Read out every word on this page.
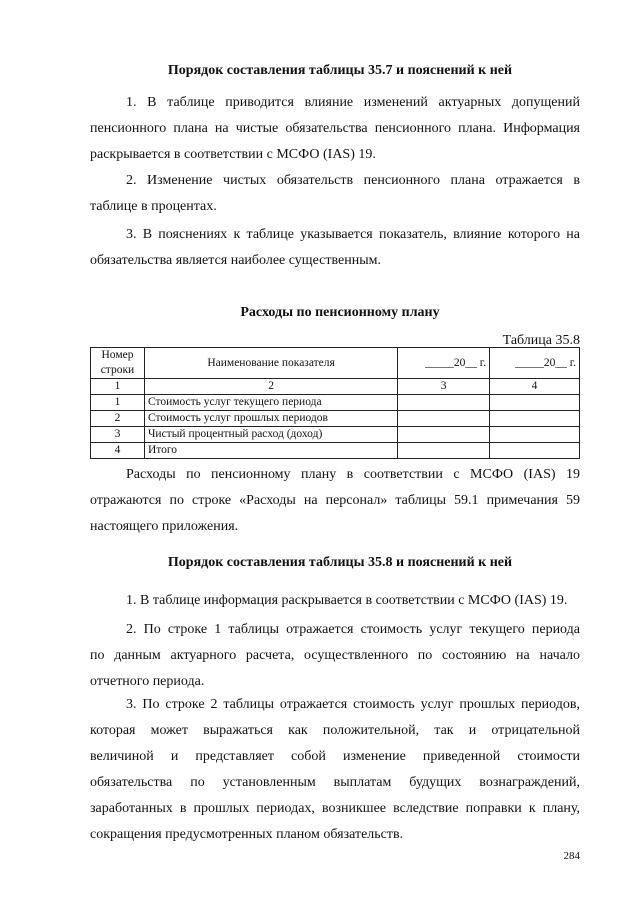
Порядок составления таблицы 35.7 и пояснений к ней
1. В таблице приводится влияние изменений актуарных допущений
пенсионного плана на чистые обязательства пенсионного плана. Информация
раскрывается в соответствии с МСФО (IAS) 19.
2. Изменение чистых обязательств пенсионного плана отражается в
таблице в процентах.
3. В пояснениях к таблице указывается показатель, влияние которого на
обязательства является наиболее существенным.
Расходы по пенсионному плану
Таблица 35.8
Номер строки	Наименование показателя	_____20__ г.	_____20__ г.
1	2	3	4
1	Стоимость услуг текущего периода		
2	Стоимость услуг прошлых периодов		
3	Чистый процентный расход (доход)		
4	Итого		
Расходы по пенсионному плану в соответствии с МСФО (IAS) 19
отражаются по строке «Расходы на персонал» таблицы 59.1 примечания 59
настоящего приложения.
Порядок составления таблицы 35.8 и пояснений к ней
1. В таблице информация раскрывается в соответствии с МСФО (IAS) 19.
2. По строке 1 таблицы отражается стоимость услуг текущего периода
по данным актуарного расчета, осуществленного по состоянию на начало
отчетного периода.
3. По строке 2 таблицы отражается стоимость услуг прошлых периодов,
которая может выражаться как положительной, так и отрицательной
величиной и представляет собой изменение приведенной стоимости
обязательства по установленным выплатам будущих вознаграждений,
заработанных в прошлых периодах, возникшее вследствие поправки к плану,
сокращения предусмотренных планом обязательств.
284
